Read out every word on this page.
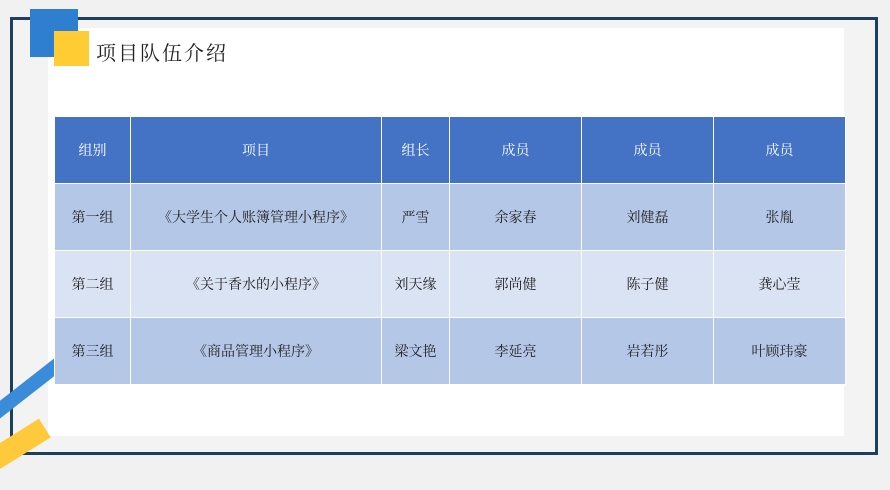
项目队伍介绍
组别	项目	组长	成员	成员	成员
第一组	《大学生个人账簿管理小程序》	严雪	余家春	刘健磊	张胤
第二组	《关于香水的小程序》	刘天缘	郭尚健	陈子健	龚心莹
第三组	《商品管理小程序》	梁文艳	李延亮	岩若彤	叶顾玮豪
